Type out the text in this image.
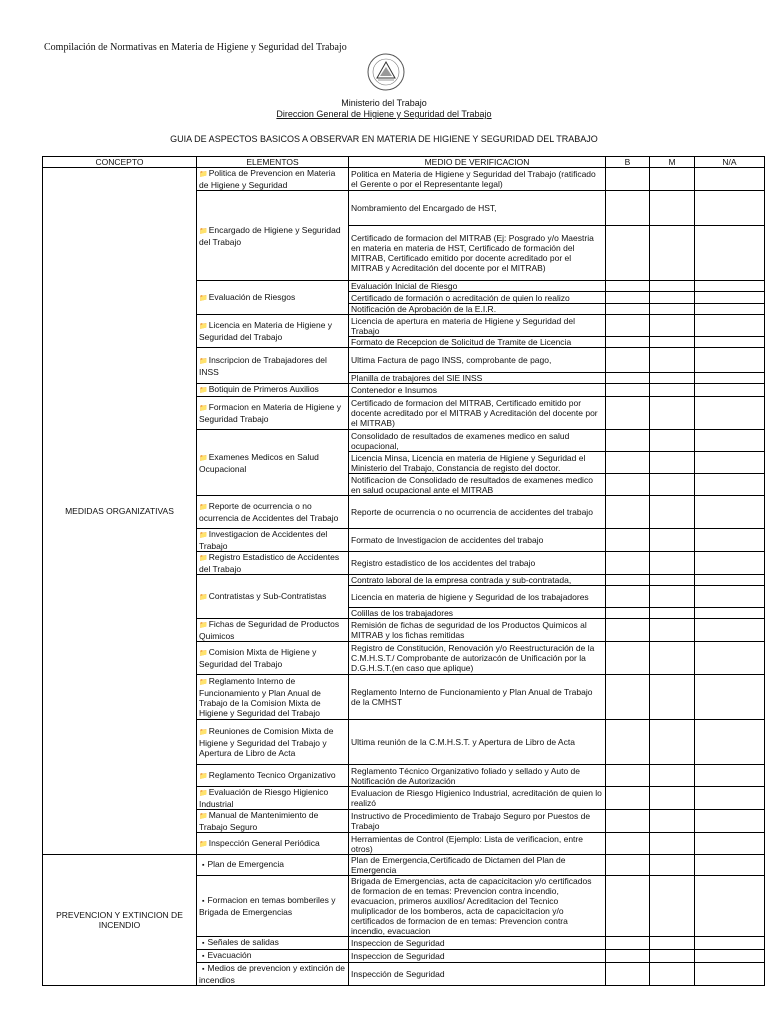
Compilación de Normativas en Materia de Higiene y Seguridad del Trabajo
Ministerio del Trabajo
Direccion General de Higiene y Seguridad del Trabajo
GUIA DE ASPECTOS BASICOS A OBSERVAR EN MATERIA DE HIGIENE Y SEGURIDAD DEL TRABAJO
CONCEPTO	ELEMENTOS	MEDIO DE VERIFICACION	B	M	N/A
MEDIDAS ORGANIZATIVAS	📁Politica de Prevencion en Materia de Higiene y Seguridad	Politica en Materia de Higiene y Seguridad del Trabajo (ratificado el Gerente o por el Representante legal)			
	📁Encargado de Higiene y Seguridad del Trabajo	Nombramiento del Encargado de HST,			
		Certificado de formacion del MITRAB (Ej: Posgrado y/o Maestria en materia en materia de HST, Certificado de formación del MITRAB, Certificado emitido por docente acreditado por el MITRAB y Acreditación del docente por el MITRAB)			
	📁Evaluación de Riesgos	Evaluación Inicial de Riesgo			
		Certificado de formación o acreditación de quien lo realizo			
		Notificación de Aprobación de la E.I.R.			
	📁Licencia en Materia de Higiene y Seguridad del Trabajo	Licencia de apertura en materia de Higiene y Seguridad del Trabajo			
		Formato de Recepcion de Solicitud de Tramite de Licencia			
	📁Inscripcion de Trabajadores del INSS	Ultima Factura de pago INSS, comprobante de pago,			
		Planilla de trabajores del SIE INSS			
	📁Botiquin de Primeros Auxilios	Contenedor e Insumos			
	📁Formacion en Materia de Higiene y Seguridad Trabajo	Certificado de formacion del MITRAB, Certificado emitido por docente acreditado por el MITRAB y Acreditación del docente por el MITRAB)			
	📁Examenes Medicos en Salud Ocupacional	Consolidado de resultados de examenes medico en salud ocupacional,			
		Licencia Minsa, Licencia en materia de Higiene y Seguridad el Ministerio del Trabajo, Constancia de registo del doctor.			
		Notificacion de Consolidado de resultados de examenes medico en salud ocupacional ante el MITRAB			
	📁Reporte de ocurrencia o no ocurrencia de Accidentes del Trabajo	Reporte de ocurrencia o no ocurrencia de accidentes del trabajo			
	📁Investigacion de Accidentes del Trabajo	Formato de Investigacion de accidentes del trabajo			
	📁Registro Estadistico de Accidentes del Trabajo	Registro estadistico de los accidentes del trabajo			
	📁Contratistas y Sub-Contratistas	Contrato laboral de la empresa contrada y sub-contratada,			
		Licencia en materia de higiene y Seguridad de los trabajadores			
		Colillas de los trabajadores			
	📁Fichas de Seguridad de Productos Quimicos	Remisión de fichas de seguridad de los Productos Quimicos al MITRAB y los fichas remitidas			
	📁Comision Mixta de Higiene y Seguridad del Trabajo	Registro de Constitución, Renovación y/o Reestructuración de la C.M.H.S.T./ Comprobante de autorizacón de Unificación por la D.G.H.S.T.(en caso que aplique)			
	📁Reglamento Interno de Funcionamiento y Plan Anual de Trabajo de la Comision Mixta de Higiene y Seguridad del Trabajo	Reglamento Interno de Funcionamiento y Plan Anual de Trabajo de la CMHST			
	📁Reuniones de Comision Mixta de Higiene y Seguridad del Trabajo y Apertura de Libro de Acta	Ultima reunión de la C.M.H.S.T. y Apertura de Libro de Acta			
	📁Reglamento Tecnico Organizativo	Reglamento Técnico Organizativo foliado y sellado y Auto de Notificación de Autorización			
	📁Evaluación de Riesgo Higienico Industrial	Evaluacion de Riesgo Higienico Industrial, acreditación de quien lo realizó			
	📁Manual de Mantenimiento de Trabajo Seguro	Instructivo de Procedimiento de Trabajo Seguro por Puestos de Trabajo			
	📁Inspección General Periódica	Herramientas de Control (Ejemplo: Lista de verificacion, entre otros)			
PREVENCION Y EXTINCION DE INCENDIO	▪ Plan de Emergencia	Plan de Emergencia,Certificado de Dictamen del Plan de Emergencia			
	▪ Formacion en temas bomberiles y Brigada de Emergencias	Brigada de Emergencias, acta de capacicitacion y/o certificados de formacion de en temas: Prevencion contra incendio, evacuacion, primeros auxilios/ Acreditacion del Tecnico muliplicador de los bomberos, acta de capacicitacion y/o certificados de formacion de en temas: Prevencion contra incendio, evacuacion			
	▪ Señales de salidas	Inspeccion de Seguridad			
	▪ Evacuación	Inspeccion de Seguridad			
	▪ Medios de prevencion y extinción de incendios	Inspección de Seguridad			
